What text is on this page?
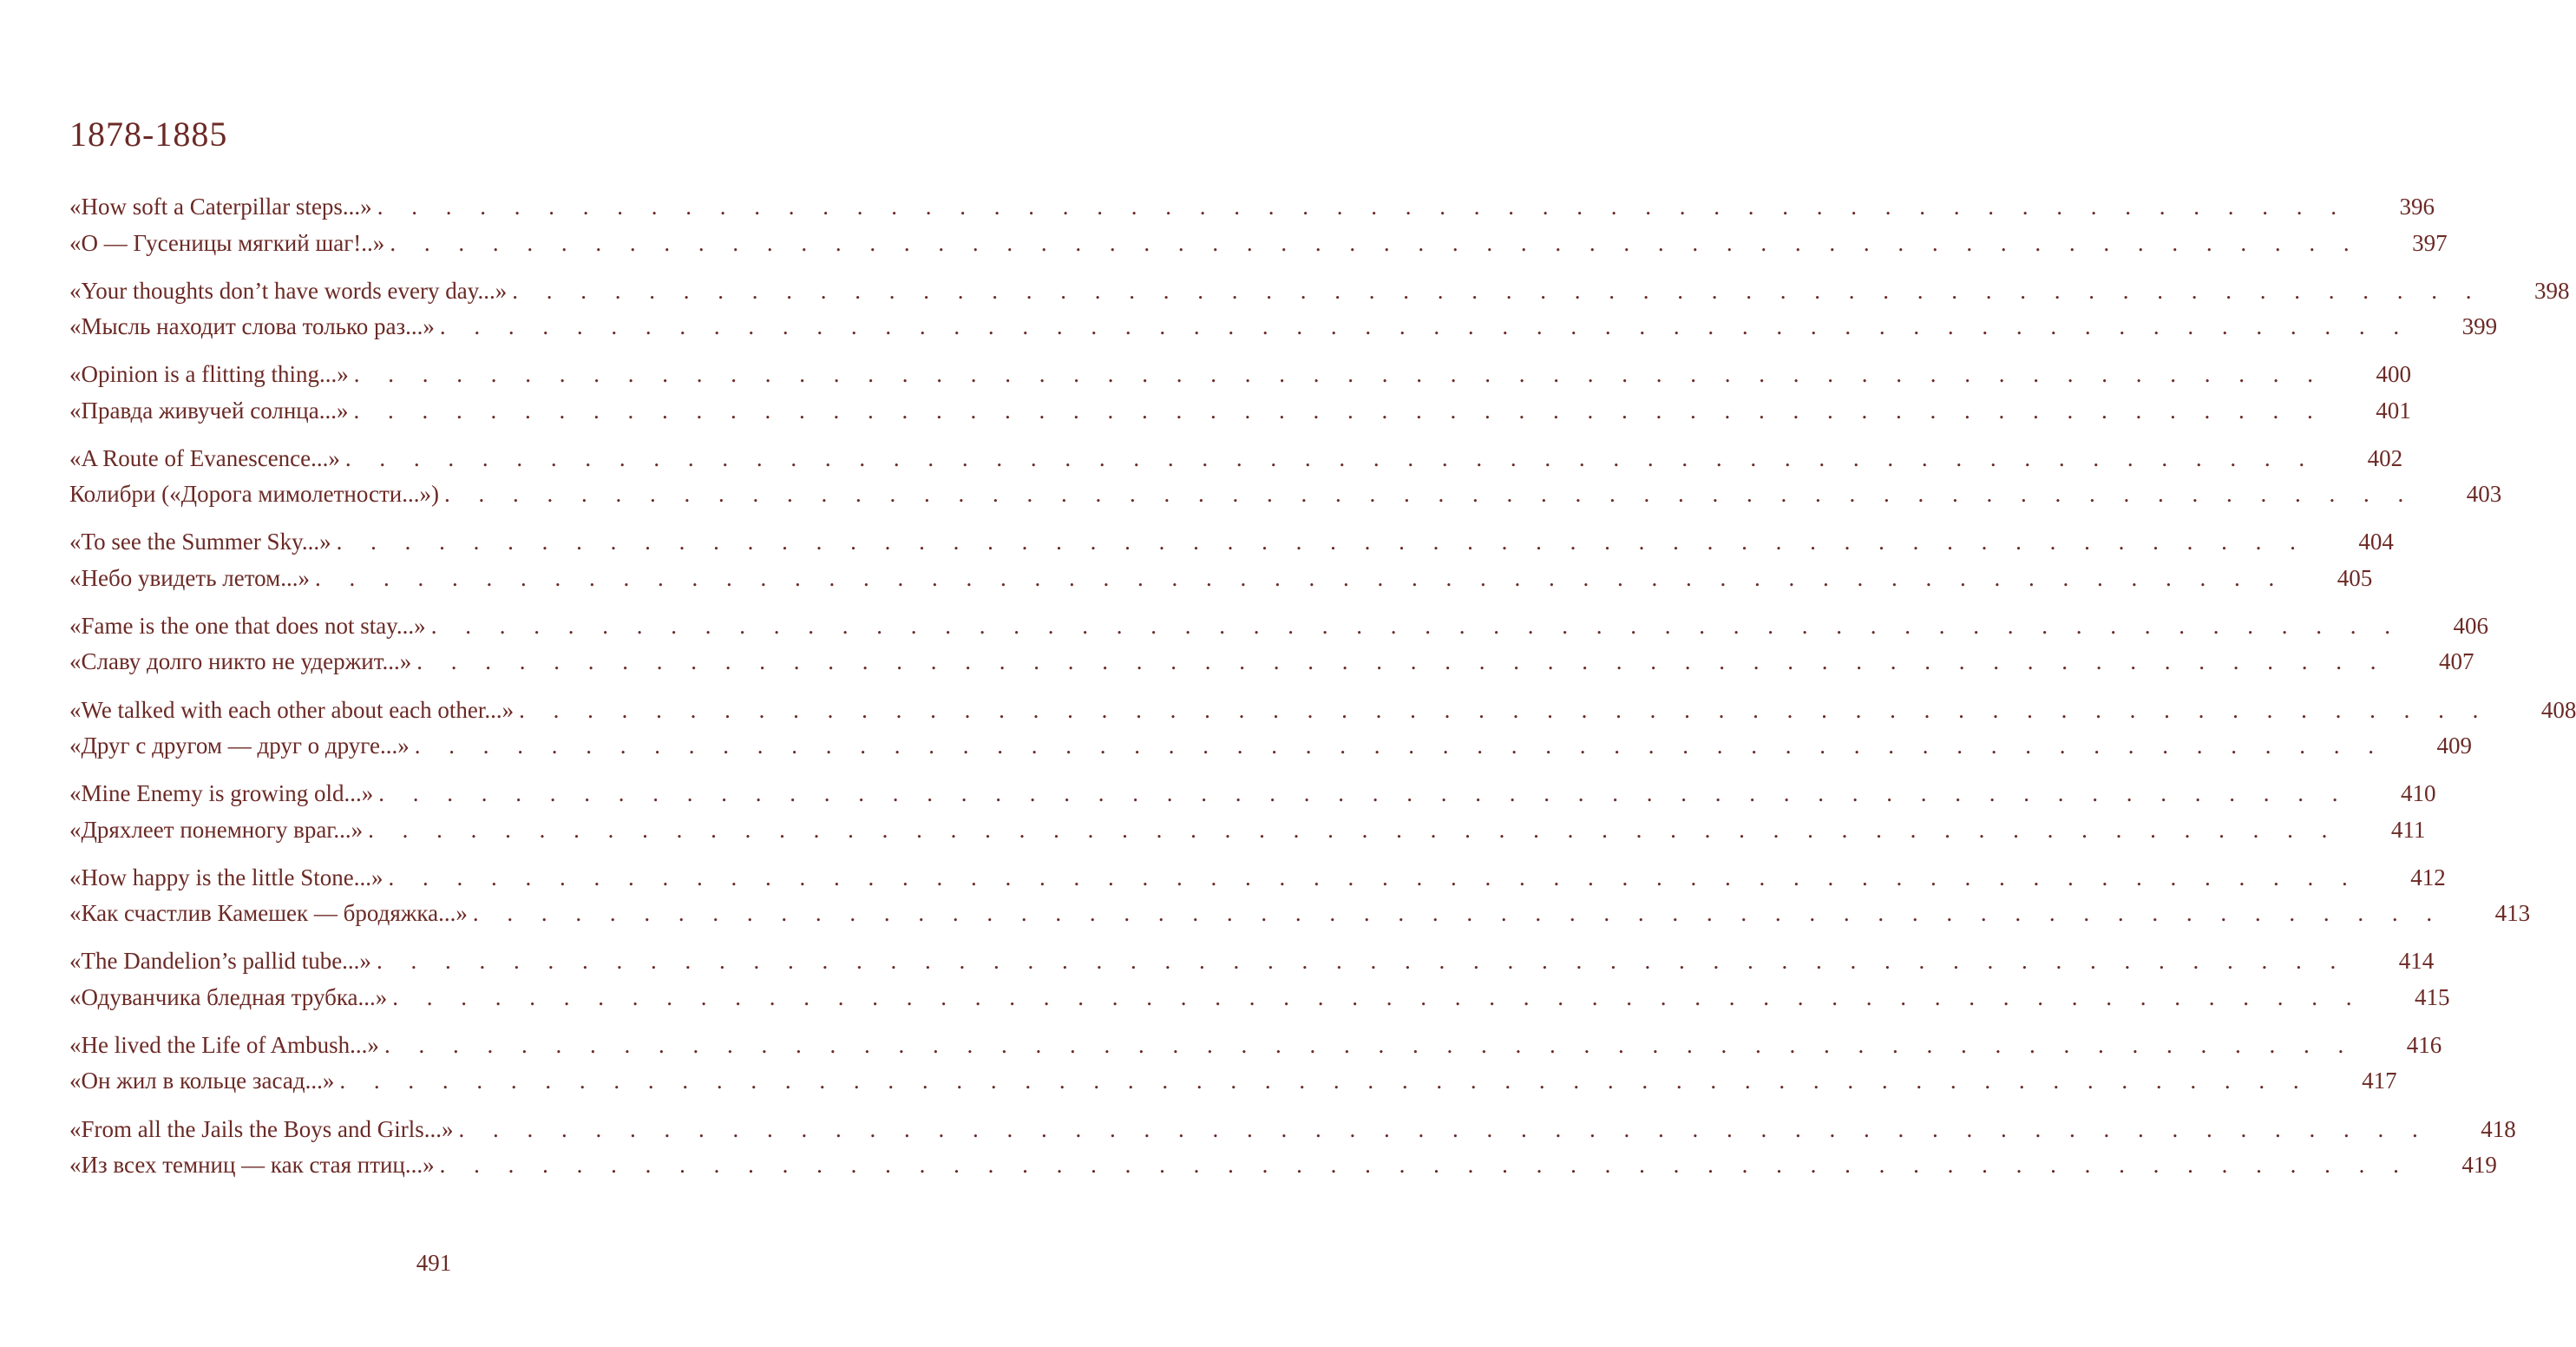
1878-1885
«How soft a Caterpillar steps...» . . . . . . . . . . . . . . . . . . . . . . . . . . . . . . . . . . . . . . . . . . . . . . . . . . . . . . . . . . 396
«О — Гусеницы мягкий шаг!..» . . . . . . . . . . . . . . . . . . . . . . . . . . . . . . . . . . . . . . . . . . . . . . . . . . . . . . . . . . 397
«Your thoughts don’t have words every day...» . . . . . . . . . . . . . . . . . . . . . . . . . . . . . . . . . . . . . . . . . . . . . . . . . . . . . . . . . . 398
«Мысль находит слова только раз...» . . . . . . . . . . . . . . . . . . . . . . . . . . . . . . . . . . . . . . . . . . . . . . . . . . . . . . . . . . 399
«Opinion is a flitting thing...» . . . . . . . . . . . . . . . . . . . . . . . . . . . . . . . . . . . . . . . . . . . . . . . . . . . . . . . . . . 400
«Правда живучей солнца...» . . . . . . . . . . . . . . . . . . . . . . . . . . . . . . . . . . . . . . . . . . . . . . . . . . . . . . . . . . 401
«A Route of Evanescence...» . . . . . . . . . . . . . . . . . . . . . . . . . . . . . . . . . . . . . . . . . . . . . . . . . . . . . . . . . . 402
Колибри («Дорога мимолетности...») . . . . . . . . . . . . . . . . . . . . . . . . . . . . . . . . . . . . . . . . . . . . . . . . . . . . . . . . . . 403
«To see the Summer Sky...» . . . . . . . . . . . . . . . . . . . . . . . . . . . . . . . . . . . . . . . . . . . . . . . . . . . . . . . . . . 404
«Небо увидеть летом...» . . . . . . . . . . . . . . . . . . . . . . . . . . . . . . . . . . . . . . . . . . . . . . . . . . . . . . . . . . 405
«Fame is the one that does not stay...» . . . . . . . . . . . . . . . . . . . . . . . . . . . . . . . . . . . . . . . . . . . . . . . . . . . . . . . . . . 406
«Славу долго никто не удержит...» . . . . . . . . . . . . . . . . . . . . . . . . . . . . . . . . . . . . . . . . . . . . . . . . . . . . . . . . . . 407
«We talked with each other about each other...» . . . . . . . . . . . . . . . . . . . . . . . . . . . . . . . . . . . . . . . . . . . . . . . . . . . . . . . . . . 408
«Друг с другом — друг о друге...» . . . . . . . . . . . . . . . . . . . . . . . . . . . . . . . . . . . . . . . . . . . . . . . . . . . . . . . . . . 409
«Mine Enemy is growing old...» . . . . . . . . . . . . . . . . . . . . . . . . . . . . . . . . . . . . . . . . . . . . . . . . . . . . . . . . . . 410
«Дряхлеет понемногу враг...» . . . . . . . . . . . . . . . . . . . . . . . . . . . . . . . . . . . . . . . . . . . . . . . . . . . . . . . . . .	411
«How happy is the little Stone...» . . . . . . . . . . . . . . . . . . . . . . . . . . . . . . . . . . . . . . . . . . . . . . . . . . . . . . . . . . 412
«Как счастлив Камешек — бродяжка...» . . . . . . . . . . . . . . . . . . . . . . . . . . . . . . . . . . . . . . . . . . . . . . . . . . . . . . . . . . 413
«The Dandelion’s pallid tube...» . . . . . . . . . . . . . . . . . . . . . . . . . . . . . . . . . . . . . . . . . . . . . . . . . . . . . . . . . . 414
«Одуванчика бледная трубка...» . . . . . . . . . . . . . . . . . . . . . . . . . . . . . . . . . . . . . . . . . . . . . . . . . . . . . . . . . . 415
«He lived the Life of Ambush...» . . . . . . . . . . . . . . . . . . . . . . . . . . . . . . . . . . . . . . . . . . . . . . . . . . . . . . . . . . 416
«Он жил в кольце засад...» . . . . . . . . . . . . . . . . . . . . . . . . . . . . . . . . . . . . . . . . . . . . . . . . . . . . . . . . . . 417
«From all the Jails the Boys and Girls...» . . . . . . . . . . . . . . . . . . . . . . . . . . . . . . . . . . . . . . . . . . . . . . . . . . . . . . . . . . 418
«Из всех темниц — как стая птиц...» . . . . . . . . . . . . . . . . . . . . . . . . . . . . . . . . . . . . . . . . . . . . . . . . . . . . . . . . . . 419
491
